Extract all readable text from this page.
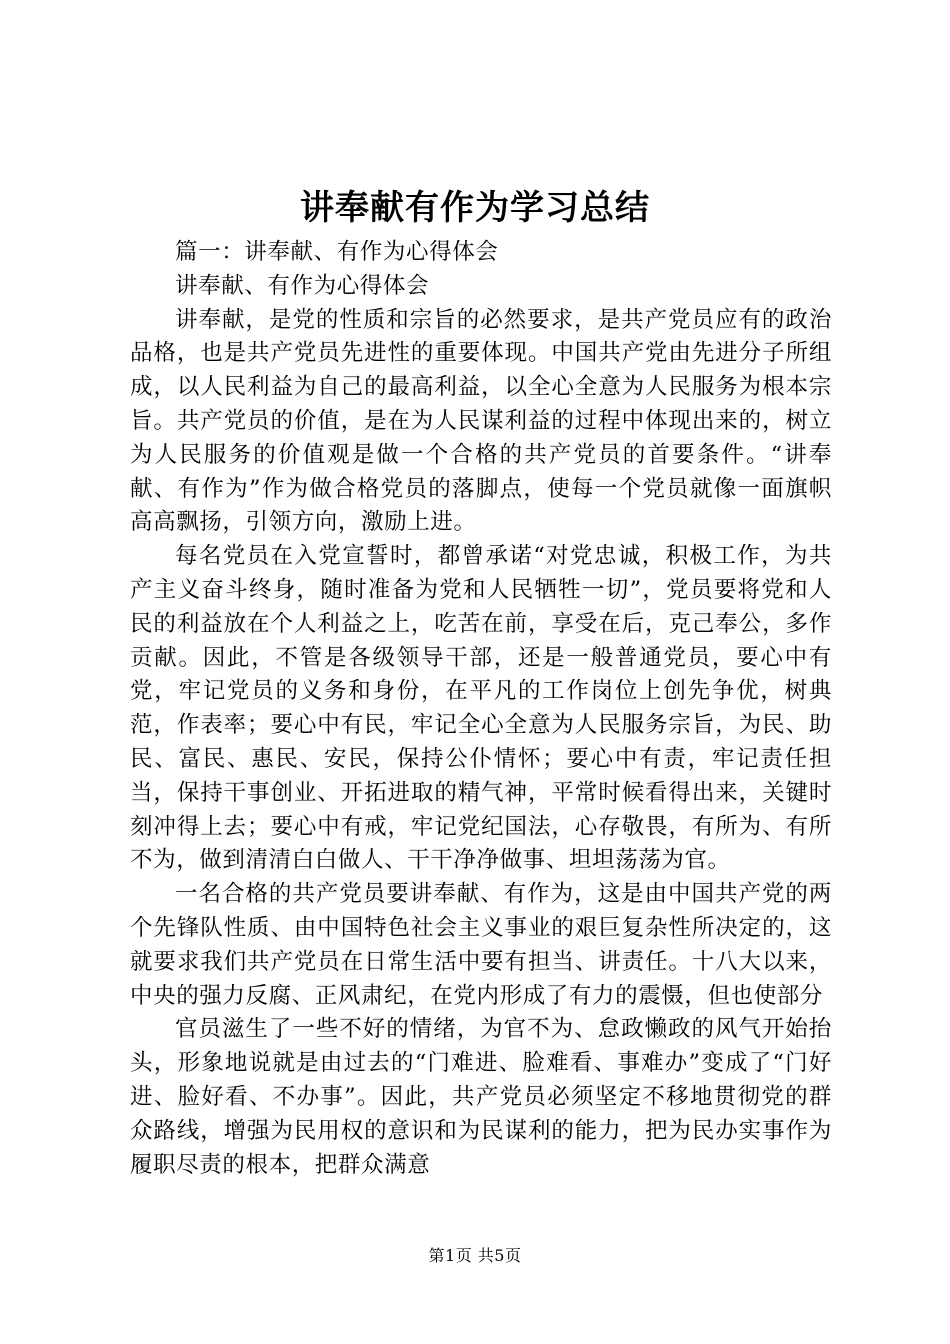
讲奉献有作为学习总结

篇一：讲奉献、有作为心得体会

讲奉献、有作为心得体会

讲奉献，是党的性质和宗旨的必然要求，是共产党员应有的政治品格，也是共产党员先进性的重要体现。中国共产党由先进分子所组成，以人民利益为自己的最高利益，以全心全意为人民服务为根本宗旨。共产党员的价值，是在为人民谋利益的过程中体现出来的，树立为人民服务的价值观是做一个合格的共产党员的首要条件。“讲奉献、有作为”作为做合格党员的落脚点，使每一个党员就像一面旗帜高高飘扬，引领方向，激励上进。

每名党员在入党宣誓时，都曾承诺“对党忠诚，积极工作，为共产主义奋斗终身，随时准备为党和人民牺牲一切”，党员要将党和人民的利益放在个人利益之上，吃苦在前，享受在后，克己奉公，多作贡献。因此，不管是各级领导干部，还是一般普通党员，要心中有党，牢记党员的义务和身份，在平凡的工作岗位上创先争优，树典范，作表率；要心中有民，牢记全心全意为人民服务宗旨，为民、助民、富民、惠民、安民，保持公仆情怀；要心中有责，牢记责任担当，保持干事创业、开拓进取的精气神，平常时候看得出来，关键时刻冲得上去；要心中有戒，牢记党纪国法，心存敬畏，有所为、有所不为，做到清清白白做人、干干净净做事、坦坦荡荡为官。

一名合格的共产党员要讲奉献、有作为，这是由中国共产党的两个先锋队性质、由中国特色社会主义事业的艰巨复杂性所决定的，这就要求我们共产党员在日常生活中要有担当、讲责任。十八大以来，中央的强力反腐、正风肃纪，在党内形成了有力的震慑，但也使部分

官员滋生了一些不好的情绪，为官不为、怠政懒政的风气开始抬头，形象地说就是由过去的“门难进、脸难看、事难办”变成了“门好进、脸好看、不办事”。因此，共产党员必须坚定不移地贯彻党的群众路线，增强为民用权的意识和为民谋利的能力，把为民办实事作为履职尽责的根本，把群众满意

第1页 共5页
